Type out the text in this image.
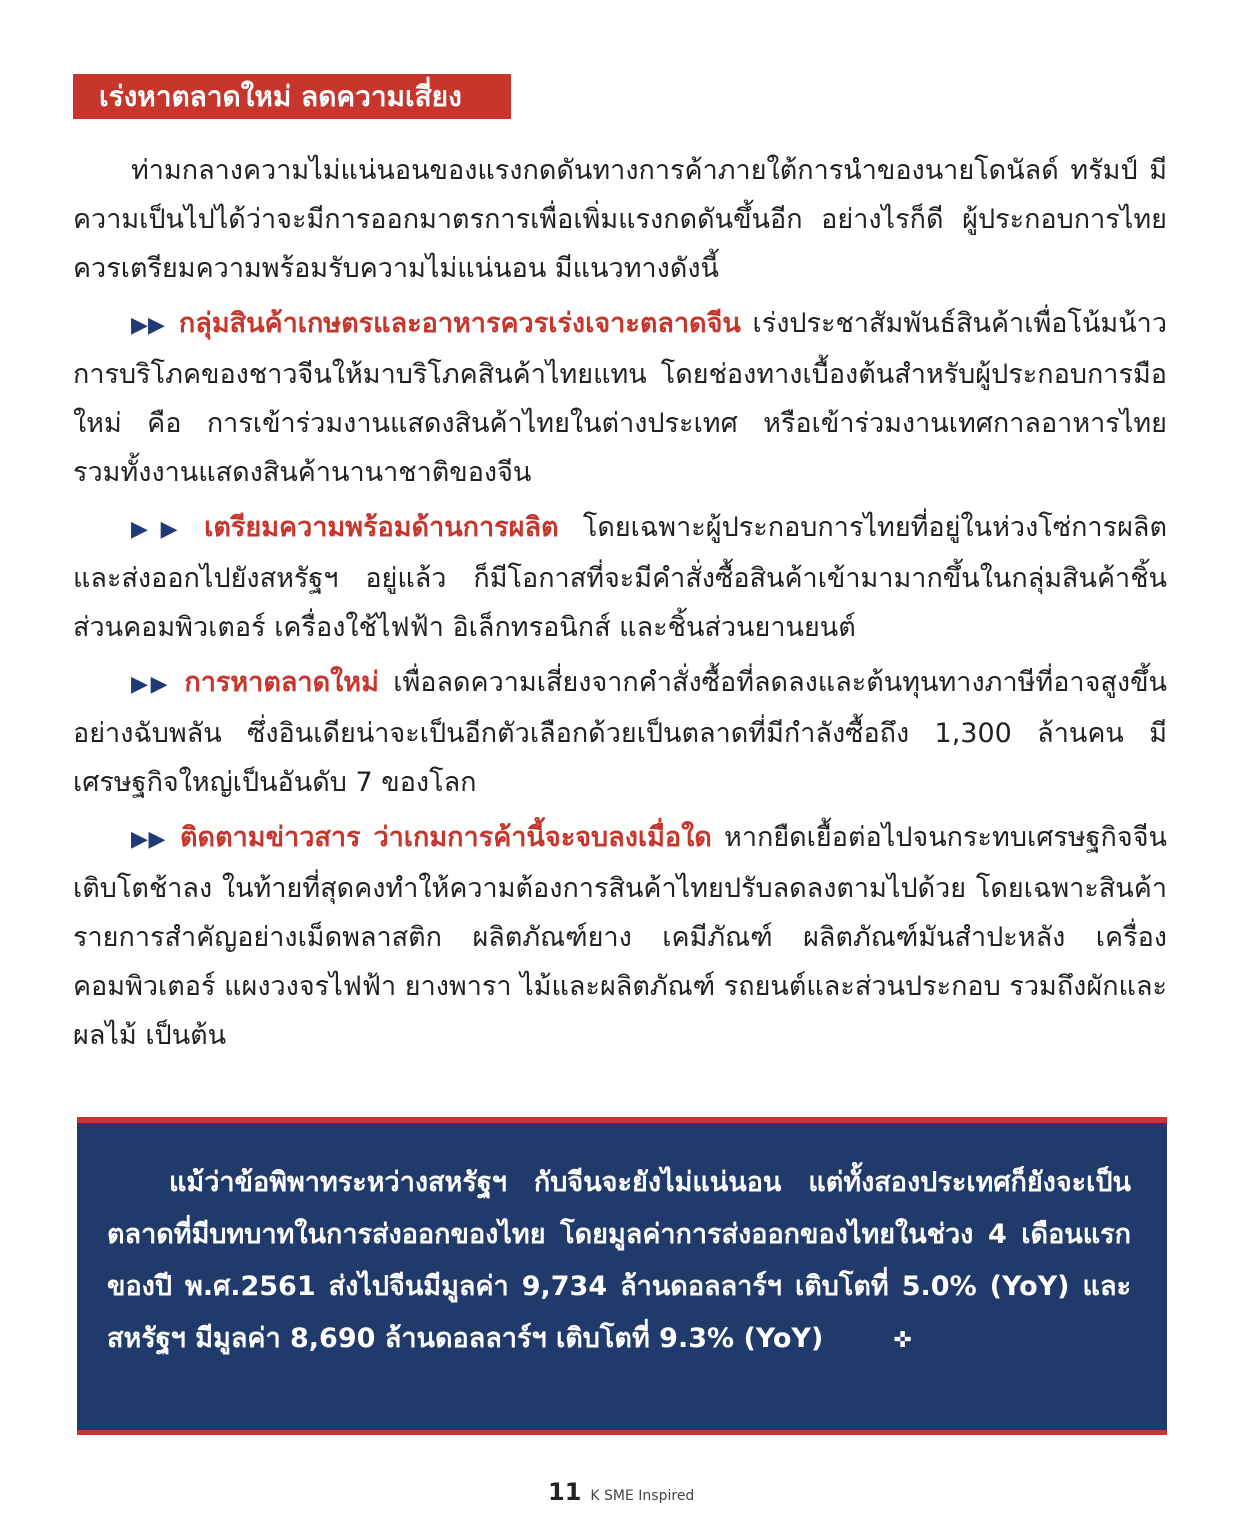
เร่งหาตลาดใหม่ ลดความเสี่ยง

ท่ามกลางความไม่แน่นอนของแรงกดดันทางการค้าภายใต้การนำของนายโดนัลด์ ทรัมป์ มีความเป็นไปได้ว่าจะมีการออกมาตรการเพื่อเพิ่มแรงกดดันขึ้นอีก อย่างไรก็ดี ผู้ประกอบการไทยควรเตรียมความพร้อมรับความไม่แน่นอน มีแนวทางดังนี้

▶▶ กลุ่มสินค้าเกษตรและอาหารควรเร่งเจาะตลาดจีน เร่งประชาสัมพันธ์สินค้าเพื่อโน้มน้าวการบริโภคของชาวจีนให้มาบริโภคสินค้าไทยแทน โดยช่องทางเบื้องต้นสำหรับผู้ประกอบการมือใหม่ คือ การเข้าร่วมงานแสดงสินค้าไทยในต่างประเทศ หรือเข้าร่วมงานเทศกาลอาหารไทย รวมทั้งงานแสดงสินค้านานาชาติของจีน

▶▶ เตรียมความพร้อมด้านการผลิต โดยเฉพาะผู้ประกอบการไทยที่อยู่ในห่วงโซ่การผลิตและส่งออกไปยังสหรัฐฯ อยู่แล้ว ก็มีโอกาสที่จะมีคำสั่งซื้อสินค้าเข้ามามากขึ้นในกลุ่มสินค้าชิ้นส่วนคอมพิวเตอร์ เครื่องใช้ไฟฟ้า อิเล็กทรอนิกส์ และชิ้นส่วนยานยนต์

▶▶ การหาตลาดใหม่ เพื่อลดความเสี่ยงจากคำสั่งซื้อที่ลดลงและต้นทุนทางภาษีที่อาจสูงขึ้นอย่างฉับพลัน ซึ่งอินเดียน่าจะเป็นอีกตัวเลือกด้วยเป็นตลาดที่มีกำลังซื้อถึง 1,300 ล้านคน มีเศรษฐกิจใหญ่เป็นอันดับ 7 ของโลก

▶▶ ติดตามข่าวสาร ว่าเกมการค้านี้จะจบลงเมื่อใด หากยืดเยื้อต่อไปจนกระทบเศรษฐกิจจีนเติบโตช้าลง ในท้ายที่สุดคงทำให้ความต้องการสินค้าไทยปรับลดลงตามไปด้วย โดยเฉพาะสินค้ารายการสำคัญอย่างเม็ดพลาสติก ผลิตภัณฑ์ยาง เคมีภัณฑ์ ผลิตภัณฑ์มันสำปะหลัง เครื่องคอมพิวเตอร์ แผงวงจรไฟฟ้า ยางพารา ไม้และผลิตภัณฑ์ รถยนต์และส่วนประกอบ รวมถึงผักและผลไม้ เป็นต้น

แม้ว่าข้อพิพาทระหว่างสหรัฐฯ กับจีนจะยังไม่แน่นอน แต่ทั้งสองประเทศก็ยังจะเป็นตลาดที่มีบทบาทในการส่งออกของไทย โดยมูลค่าการส่งออกของไทยในช่วง 4 เดือนแรกของปี พ.ศ.2561 ส่งไปจีนมีมูลค่า 9,734 ล้านดอลลาร์ฯ เติบโตที่ 5.0% (YoY) และสหรัฐฯ มีมูลค่า 8,690 ล้านดอลลาร์ฯ เติบโตที่ 9.3% (YoY)	✜

11 K SME Inspired
